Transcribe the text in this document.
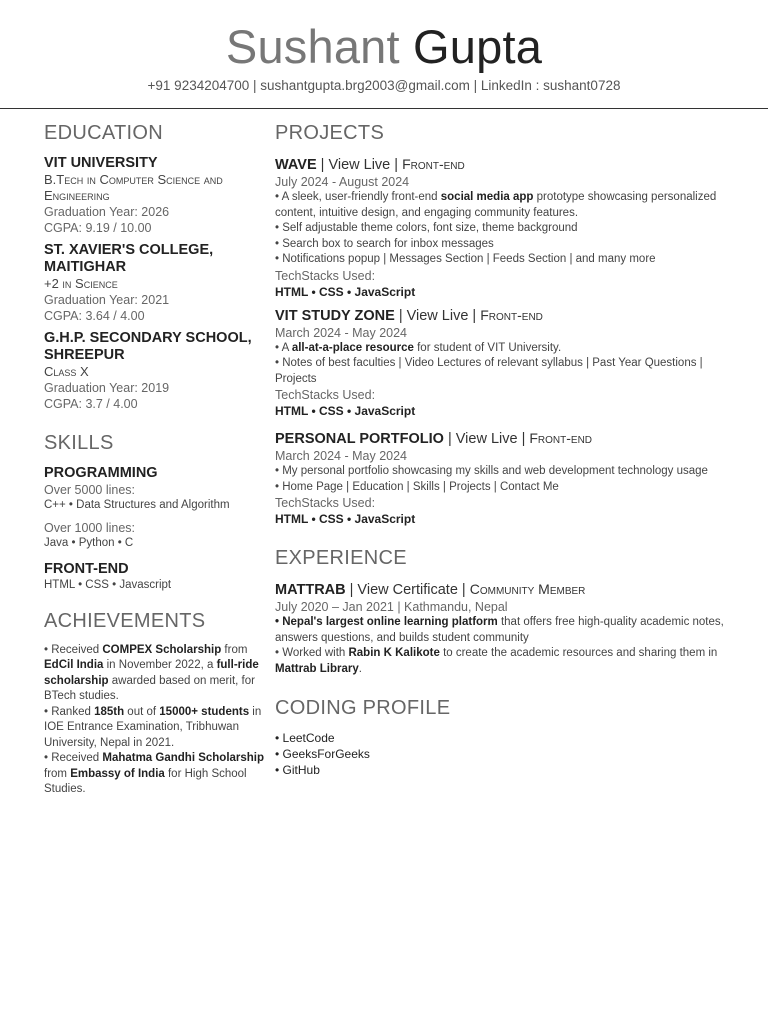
Sushant Gupta
+91 9234204700 | sushantgupta.brg2003@gmail.com | LinkedIn : sushant0728
EDUCATION
VIT UNIVERSITY
B.Tech in Computer Science and
Engineering
Graduation Year: 2026
CGPA: 9.19 / 10.00
ST. XAVIER'S COLLEGE,
MAITIGHAR
+2 in Science
Graduation Year: 2021
CGPA: 3.64 / 4.00
G.H.P. SECONDARY SCHOOL,
SHREEPUR
Class X
Graduation Year: 2019
CGPA: 3.7 / 4.00
SKILLS
PROGRAMMING
Over 5000 lines:
C++ • Data Structures and Algorithm
Over 1000 lines:
Java • Python • C
FRONT-END
HTML • CSS • Javascript
ACHIEVEMENTS
• Received COMPEX Scholarship from EdCil India in November 2022, a full-ride scholarship awarded based on merit, for BTech studies.
• Ranked 185th out of 15000+ students in IOE Entrance Examination, Tribhuwan University, Nepal in 2021.
• Received Mahatma Gandhi Scholarship from Embassy of India for High School Studies.
PROJECTS
WAVE | View Live | Front-end
July 2024 - August 2024
• A sleek, user-friendly front-end social media app prototype showcasing personalized content, intuitive design, and engaging community features.
• Self adjustable theme colors, font size, theme background
• Search box to search for inbox messages
• Notifications popup | Messages Section | Feeds Section | and many more
TechStacks Used:
HTML • CSS • JavaScript
VIT STUDY ZONE | View Live | Front-end
March 2024 - May 2024
• A all-at-a-place resource for student of VIT University.
• Notes of best faculties | Video Lectures of relevant syllabus | Past Year Questions | Projects
TechStacks Used:
HTML • CSS • JavaScript
PERSONAL PORTFOLIO | View Live | Front-end
March 2024 - May 2024
• My personal portfolio showcasing my skills and web development technology usage
• Home Page | Education | Skills | Projects | Contact Me
TechStacks Used:
HTML • CSS • JavaScript
EXPERIENCE
MATTRAB | View Certificate | Community Member
July 2020 – Jan 2021 | Kathmandu, Nepal
• Nepal's largest online learning platform that offers free high-quality academic notes, answers questions, and builds student community
• Worked with Rabin K Kalikote to create the academic resources and sharing them in Mattrab Library.
CODING PROFILE
• LeetCode
• GeeksForGeeks
• GitHub
